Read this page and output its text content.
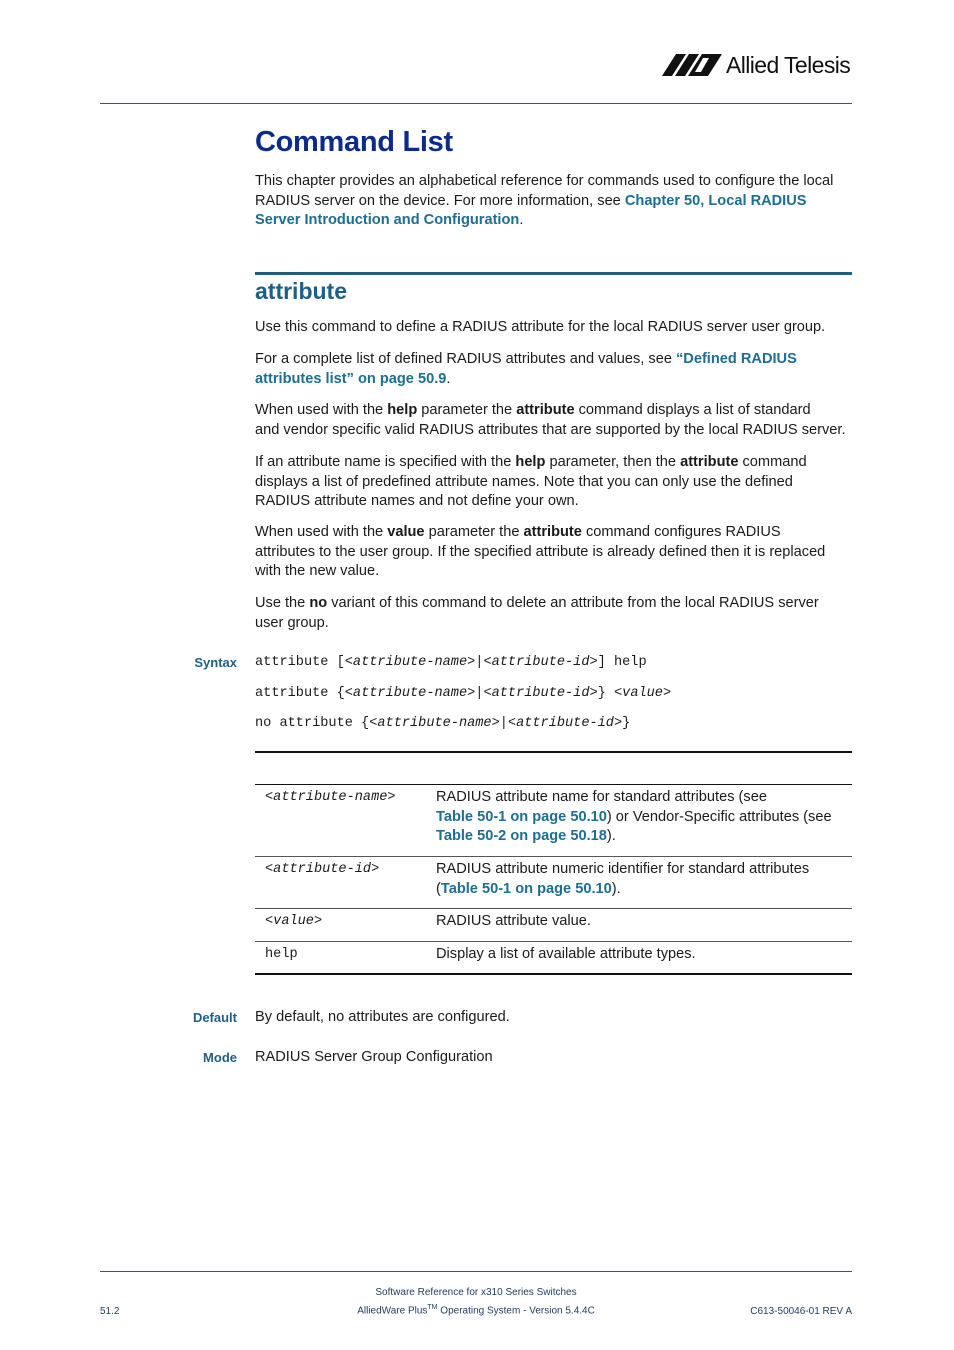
Allied Telesis
Command List
This chapter provides an alphabetical reference for commands used to configure the local
RADIUS server on the device. For more information, see Chapter 50, Local RADIUS
Server Introduction and Configuration.
attribute
Use this command to define a RADIUS attribute for the local RADIUS server user group.
For a complete list of defined RADIUS attributes and values, see “Defined RADIUS
attributes list” on page 50.9.
When used with the help parameter the attribute command displays a list of standard
and vendor specific valid RADIUS attributes that are supported by the local RADIUS server.
If an attribute name is specified with the help parameter, then the attribute command
displays a list of predefined attribute names. Note that you can only use the defined
RADIUS attribute names and not define your own.
When used with the value parameter the attribute command configures RADIUS
attributes to the user group. If the specified attribute is already defined then it is replaced
with the new value.
Use the no variant of this command to delete an attribute from the local RADIUS server
user group.
Syntax attribute [<attribute-name>|<attribute-id>] help
attribute {<attribute-name>|<attribute-id>} <value>
no attribute {<attribute-name>|<attribute-id>}
<attribute-name>	RADIUS attribute name for standard attributes (see
Table 50-1 on page 50.10) or Vendor-Specific attributes (see
Table 50-2 on page 50.18).
<attribute-id>	RADIUS attribute numeric identifier for standard attributes
(Table 50-1 on page 50.10).
<value>	RADIUS attribute value.
help	Display a list of available attribute types.
Default By default, no attributes are configured.
Mode RADIUS Server Group Configuration
Software Reference for x310 Series Switches
51.2	AlliedWare Plus™ Operating System - Version 5.4.4C	C613-50046-01 REV A
